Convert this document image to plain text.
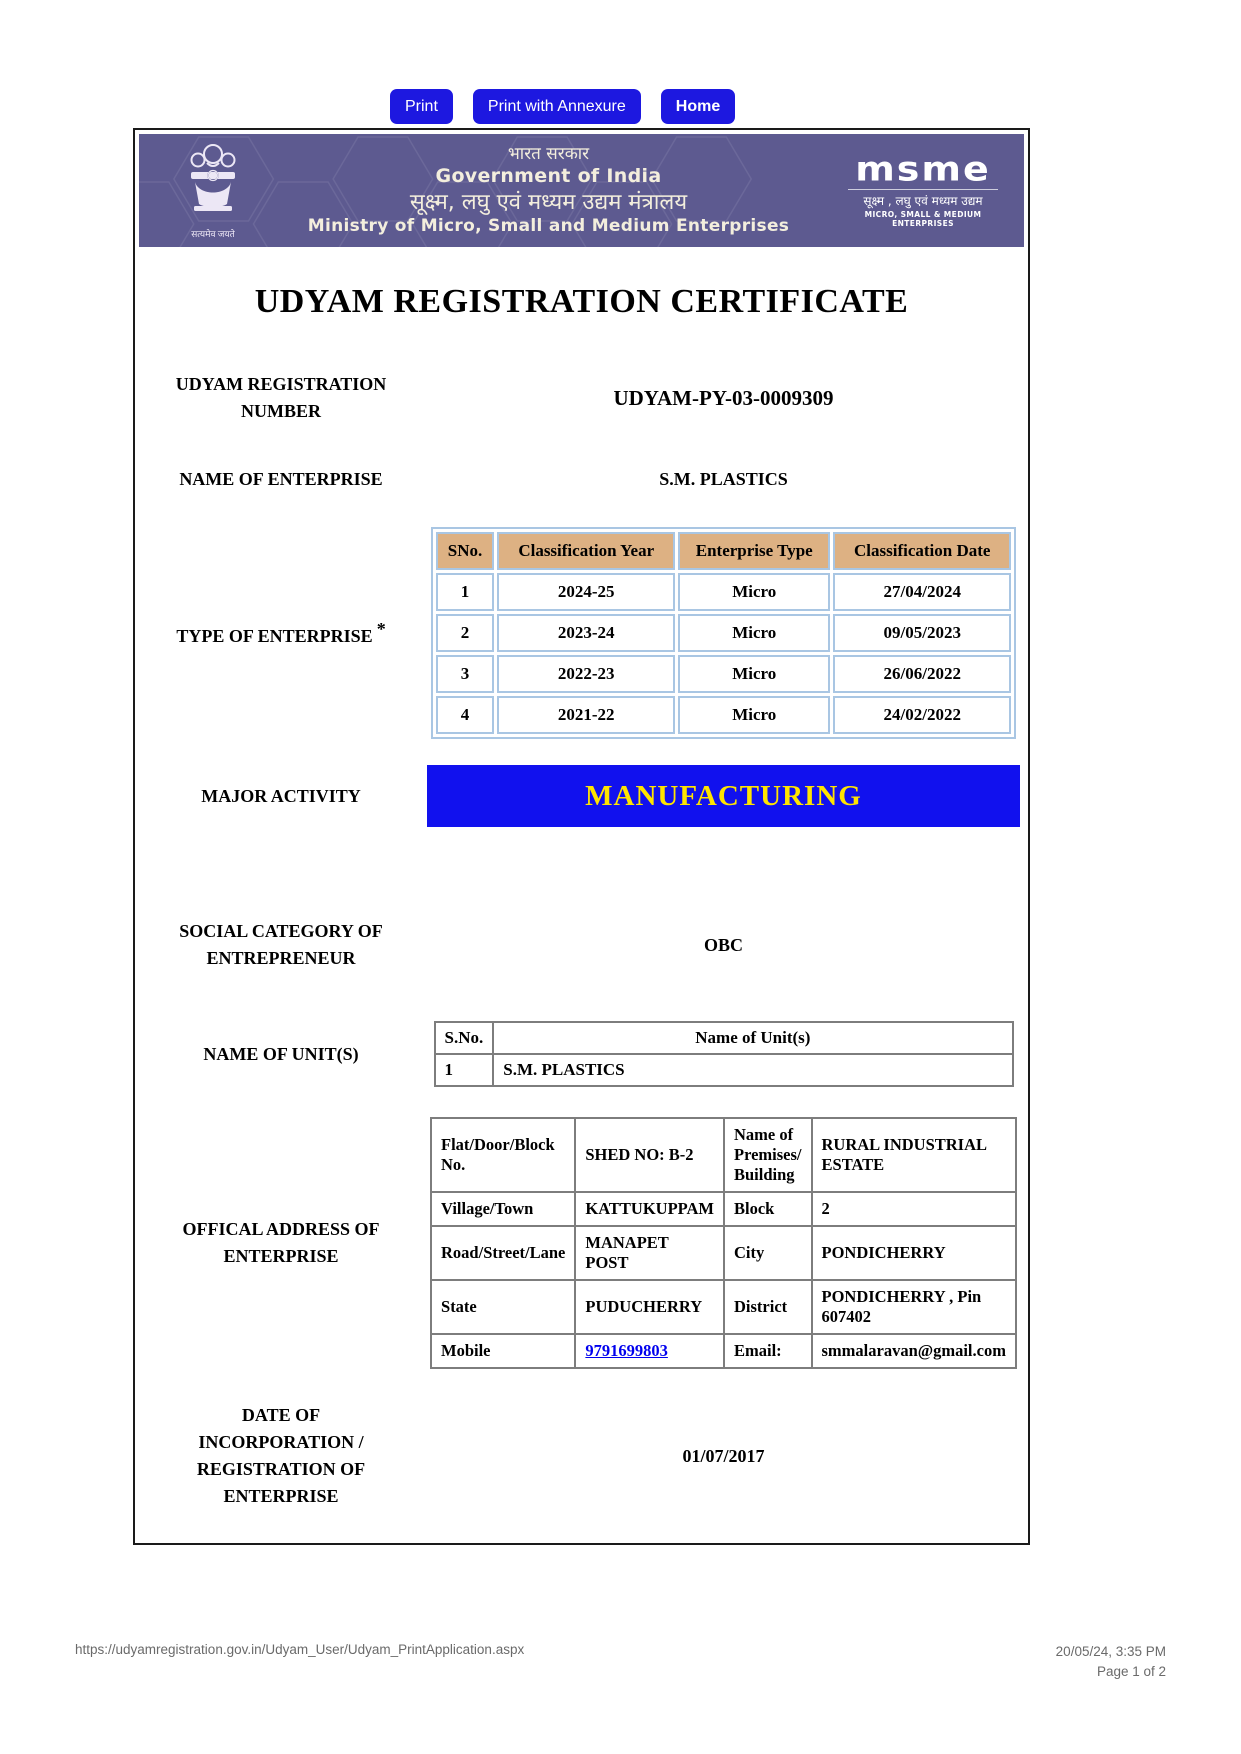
Print	Print with Annexure	Home
सत्यमेव जयते
भारत सरकार
Government of India
सूक्ष्म, लघु एवं मध्यम उद्यम मंत्रालय
Ministry of Micro, Small and Medium Enterprises
msme
सूक्ष्म , लघु एवं मध्यम उद्यम
MICRO, SMALL & MEDIUM ENTERPRISES
UDYAM REGISTRATION CERTIFICATE
UDYAM REGISTRATION NUMBER
UDYAM-PY-03-0009309
NAME OF ENTERPRISE	S.M. PLASTICS
TYPE OF ENTERPRISE *
SNo.	Classification Year	Enterprise Type	Classification Date
1	2024-25	Micro	27/04/2024
2	2023-24	Micro	09/05/2023
3	2022-23	Micro	26/06/2022
4	2021-22	Micro	24/02/2022
MAJOR ACTIVITY	MANUFACTURING
SOCIAL CATEGORY OF ENTREPRENEUR
OBC
NAME OF UNIT(S)
S.No.	Name of Unit(s)
1	S.M. PLASTICS
OFFICAL ADDRESS OF ENTERPRISE
Flat/Door/Block No.	SHED NO: B-2	Name of Premises/ Building	RURAL INDUSTRIAL ESTATE
Village/Town	KATTUKUPPAM	Block	2
Road/Street/Lane	MANAPET POST	City	PONDICHERRY
State	PUDUCHERRY	District	PONDICHERRY , Pin 607402
Mobile	9791699803	Email:	smmalaravan@gmail.com
DATE OF INCORPORATION / REGISTRATION OF ENTERPRISE
01/07/2017
https://udyamregistration.gov.in/Udyam_User/Udyam_PrintApplication.aspx	20/05/24, 3:35 PM
Page 1 of 2
